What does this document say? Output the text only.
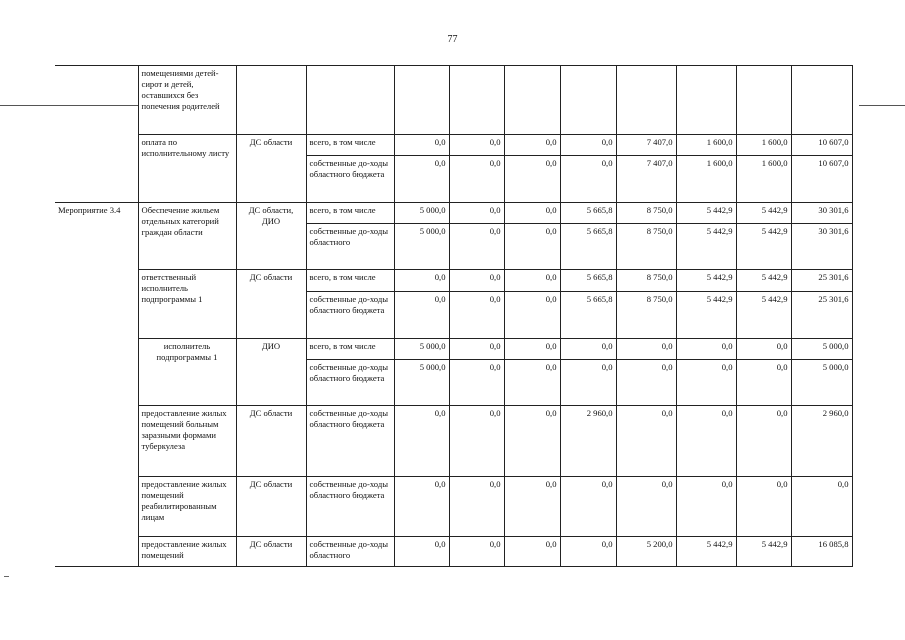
77
	помещениями детей-сирот и детей, оставшихся без попечения родителей										
	оплата по исполнительному листу	ДС области	всего, в том числе	0,0	0,0	0,0	0,0	7 407,0	1 600,0	1 600,0	10 607,0
			собственные до-ходы областного бюджета	0,0	0,0	0,0	0,0	7 407,0	1 600,0	1 600,0	10 607,0
Мероприятие 3.4	Обеспечение жильем отдельных категорий граждан области	ДС области, ДИО	всего, в том числе	5 000,0	0,0	0,0	5 665,8	8 750,0	5 442,9	5 442,9	30 301,6
			собственные до-ходы областного	5 000,0	0,0	0,0	5 665,8	8 750,0	5 442,9	5 442,9	30 301,6
	ответственный исполнитель подпрограммы 1	ДС области	всего, в том числе	0,0	0,0	0,0	5 665,8	8 750,0	5 442,9	5 442,9	25 301,6
			собственные до-ходы областного бюджета	0,0	0,0	0,0	5 665,8	8 750,0	5 442,9	5 442,9	25 301,6
	исполнитель подпрограммы 1	ДИО	всего, в том числе	5 000,0	0,0	0,0	0,0	0,0	0,0	0,0	5 000,0
			собственные до-ходы областного бюджета	5 000,0	0,0	0,0	0,0	0,0	0,0	0,0	5 000,0
	предоставление жилых помещений больным заразными формами туберкулеза	ДС области	собственные до-ходы областного бюджета	0,0	0,0	0,0	2 960,0	0,0	0,0	0,0	2 960,0
	предоставление жилых помещений реабилитированным лицам	ДС области	собственные до-ходы областного бюджета	0,0	0,0	0,0	0,0	0,0	0,0	0,0	0,0
	предоставление жилых помещений	ДС области	собственные до-ходы областного	0,0	0,0	0,0	0,0	5 200,0	5 442,9	5 442,9	16 085,8
